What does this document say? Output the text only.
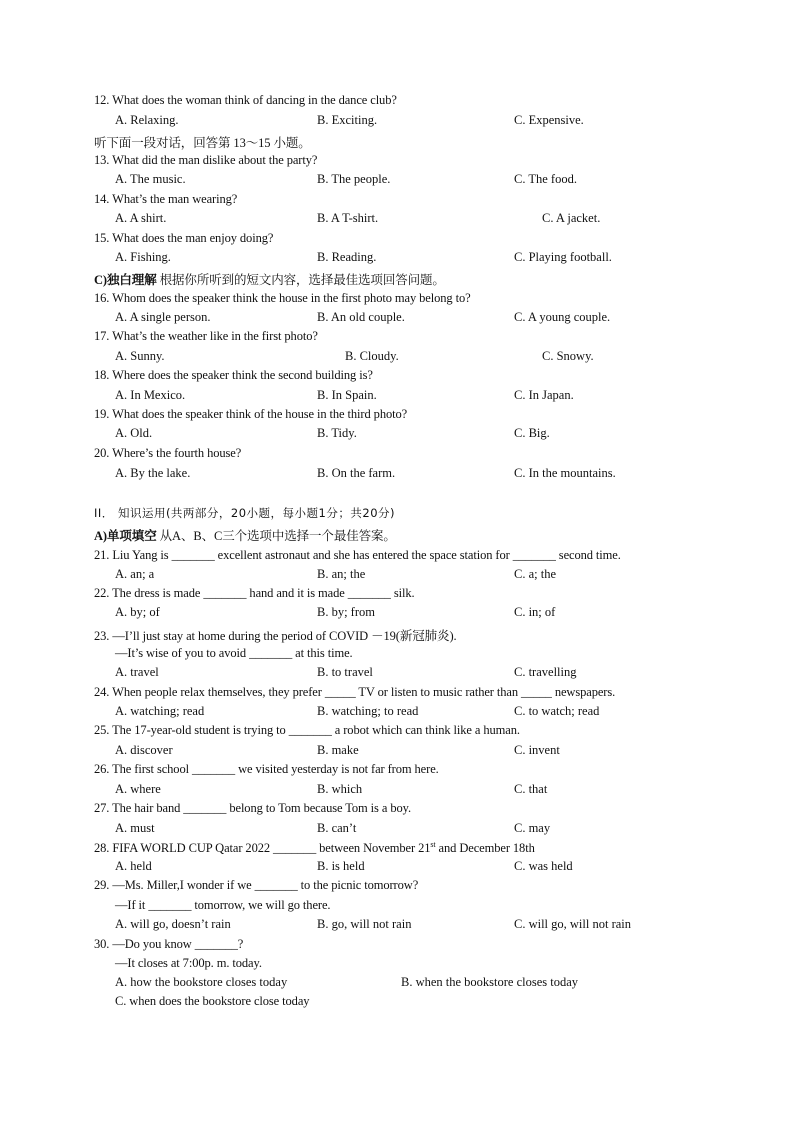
12. What does the woman think of dancing in the dance club?
A. Relaxing.	B. Exciting.	C. Expensive.
听下面一段对话，回答第 13～15 小题。
13. What did the man dislike about the party?
A. The music.	B. The people.	C. The food.
14. What’s the man wearing?
A. A shirt.	B. A T-shirt.	C. A jacket.
15. What does the man enjoy doing?
A. Fishing.	B. Reading.	C. Playing football.
C)独白理解 根据你所听到的短文内容，选择最佳选项回答问题。
16. Whom does the speaker think the house in the first photo may belong to?
A. A single person.	B. An old couple.	C. A young couple.
17. What’s the weather like in the first photo?
A. Sunny.	B. Cloudy.	C. Snowy.
18. Where does the speaker think the second building is?
A. In Mexico.	B. In Spain.	C. In Japan.
19. What does the speaker think of the house in the third photo?
A. Old.	B. Tidy.	C. Big.
20. Where’s the fourth house?
A. By the lake.	B. On the farm.	C. In the mountains.
II． 知识运用(共两部分，20小题，每小题1分；共20分)
A)单项填空 从A、B、C三个选项中选择一个最佳答案。
21. Liu Yang is _______ excellent astronaut and she has entered the space station for _______ second time.
A. an; a	B. an; the	C. a; the
22. The dress is made _______ hand and it is made _______ silk.
A. by; of	B. by; from	C. in; of
23. —I’ll just stay at home during the period of COVID －19(新冠肺炎).
—It’s wise of you to avoid _______ at this time.
A. travel	B. to travel	C. travelling
24. When people relax themselves, they prefer _____ TV or listen to music rather than _____ newspapers.
A. watching; read	B. watching; to read	C. to watch; read
25. The 17-year-old student is trying to _______ a robot which can think like a human.
A. discover	B. make	C. invent
26. The first school _______ we visited yesterday is not far from here.
A. where	B. which	C. that
27. The hair band _______ belong to Tom because Tom is a boy.
A. must	B. can’t	C. may
28. FIFA WORLD CUP Qatar 2022 _______ between November 21st and December 18th
A. held	B. is held	C. was held
29. —Ms. Miller,I wonder if we _______ to the picnic tomorrow?
—If it _______ tomorrow, we will go there.
A. will go, doesn’t rain	B. go, will not rain	C. will go, will not rain
30. —Do you know _______?
—It closes at 7:00p. m. today.
A. how the bookstore closes today	B. when the bookstore closes today
C. when does the bookstore close today
